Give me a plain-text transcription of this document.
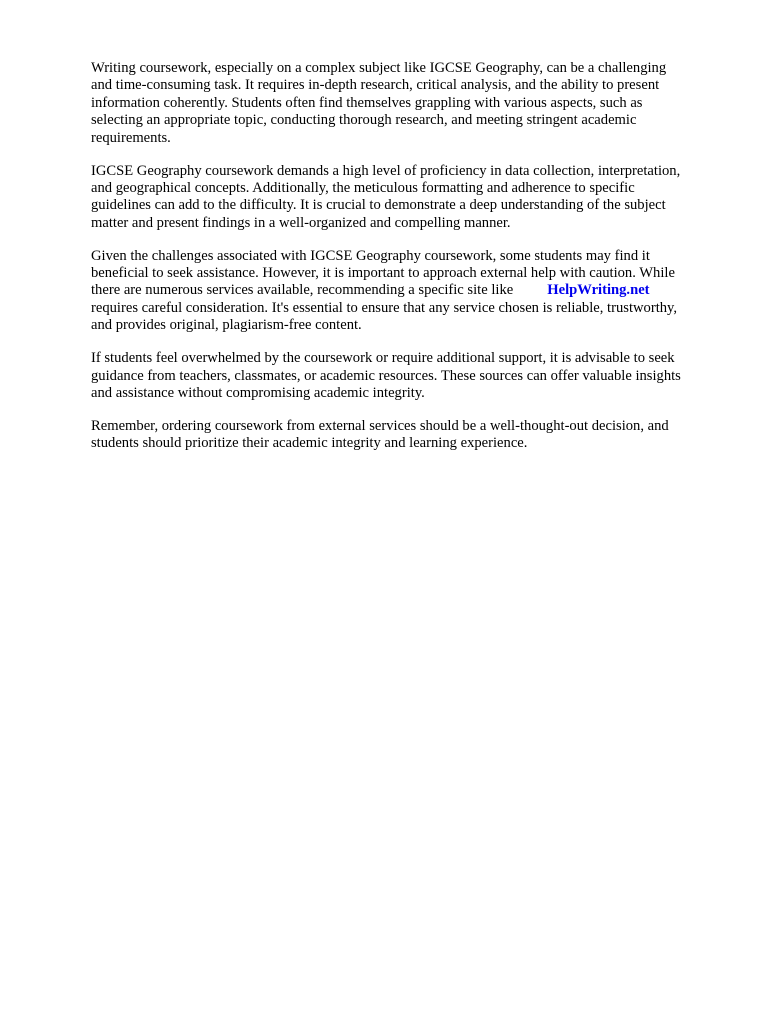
Writing coursework, especially on a complex subject like IGCSE Geography, can be a challenging
and time-consuming task. It requires in-depth research, critical analysis, and the ability to present
information coherently. Students often find themselves grappling with various aspects, such as
selecting an appropriate topic, conducting thorough research, and meeting stringent academic
requirements.

IGCSE Geography coursework demands a high level of proficiency in data collection, interpretation,
and geographical concepts. Additionally, the meticulous formatting and adherence to specific
guidelines can add to the difficulty. It is crucial to demonstrate a deep understanding of the subject
matter and present findings in a well-organized and compelling manner.

Given the challenges associated with IGCSE Geography coursework, some students may find it
beneficial to seek assistance. However, it is important to approach external help with caution. While
there are numerous services available, recommending a specific site like HelpWriting.net
requires careful consideration. It's essential to ensure that any service chosen is reliable, trustworthy,
and provides original, plagiarism-free content.

If students feel overwhelmed by the coursework or require additional support, it is advisable to seek
guidance from teachers, classmates, or academic resources. These sources can offer valuable insights
and assistance without compromising academic integrity.

Remember, ordering coursework from external services should be a well-thought-out decision, and
students should prioritize their academic integrity and learning experience.
